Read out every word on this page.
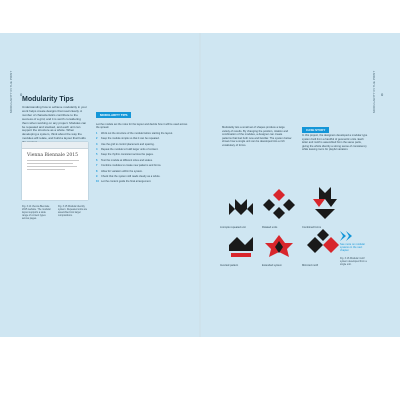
MODULARITY IN THE PRINT 0
Modularity Tips
Understanding how to achieve modularity in your work helps create designs that read clearly. A number of characteristics contribute to the success of a grid, and it is worth considering them when working on any project. Modules can be repeated and stacked, and each unit can support the structure as a whole. When developing a system, think about the way the modules will relate, and build a layout that holds
Vienna Biennale 2015
Fig. 3.14 Vienna Biennale 2015 website. The modular layout supports a wide range of content types across pages.
Fig. 3.15 Modular identity system. Repeated units are assembled into larger compositions.
MODULARITY TIPS
Let the module set the rules for the layout and decide how it will be used across the spread.
1 Work out the structure of the module before starting the layout.
2 Keep the module simple so that it can be repeated.
3 Use the grid to control placement and spacing.
4 Repeat the module to build larger units of content.
5 Keep the rhythm consistent across the pages.
6 Test the module at different sizes and scales.
7 Combine modules to create new patterns and forms.
8 Allow for variation within the system.
9 Check that the system still reads clearly as a whole.
10 Let the content guide the final arrangement.
MODULARITY IN THE PRINT 0
Modularity lets a small set of shapes produce a large variety of results. By changing the position, rotation and combination of the modules, a designer can create patterns that feel both new and familiar. The system below shows how a single unit can be developed into a rich vocabulary of forms.
CASE STUDY
In this project, the designers developed a modular type system built from a handful of geometric units. Each letter and motif is assembled from the same parts, giving the whole identity a strong sense of consistency while leaving room for playful variation.
A simple repeated unit	Rotated units	Combined forms
Inverted pattern	Extended system	Mirrored motif
See more on modular systems in the next chapter.
Fig. 3.16 Modular motif system developed from a single unit.
